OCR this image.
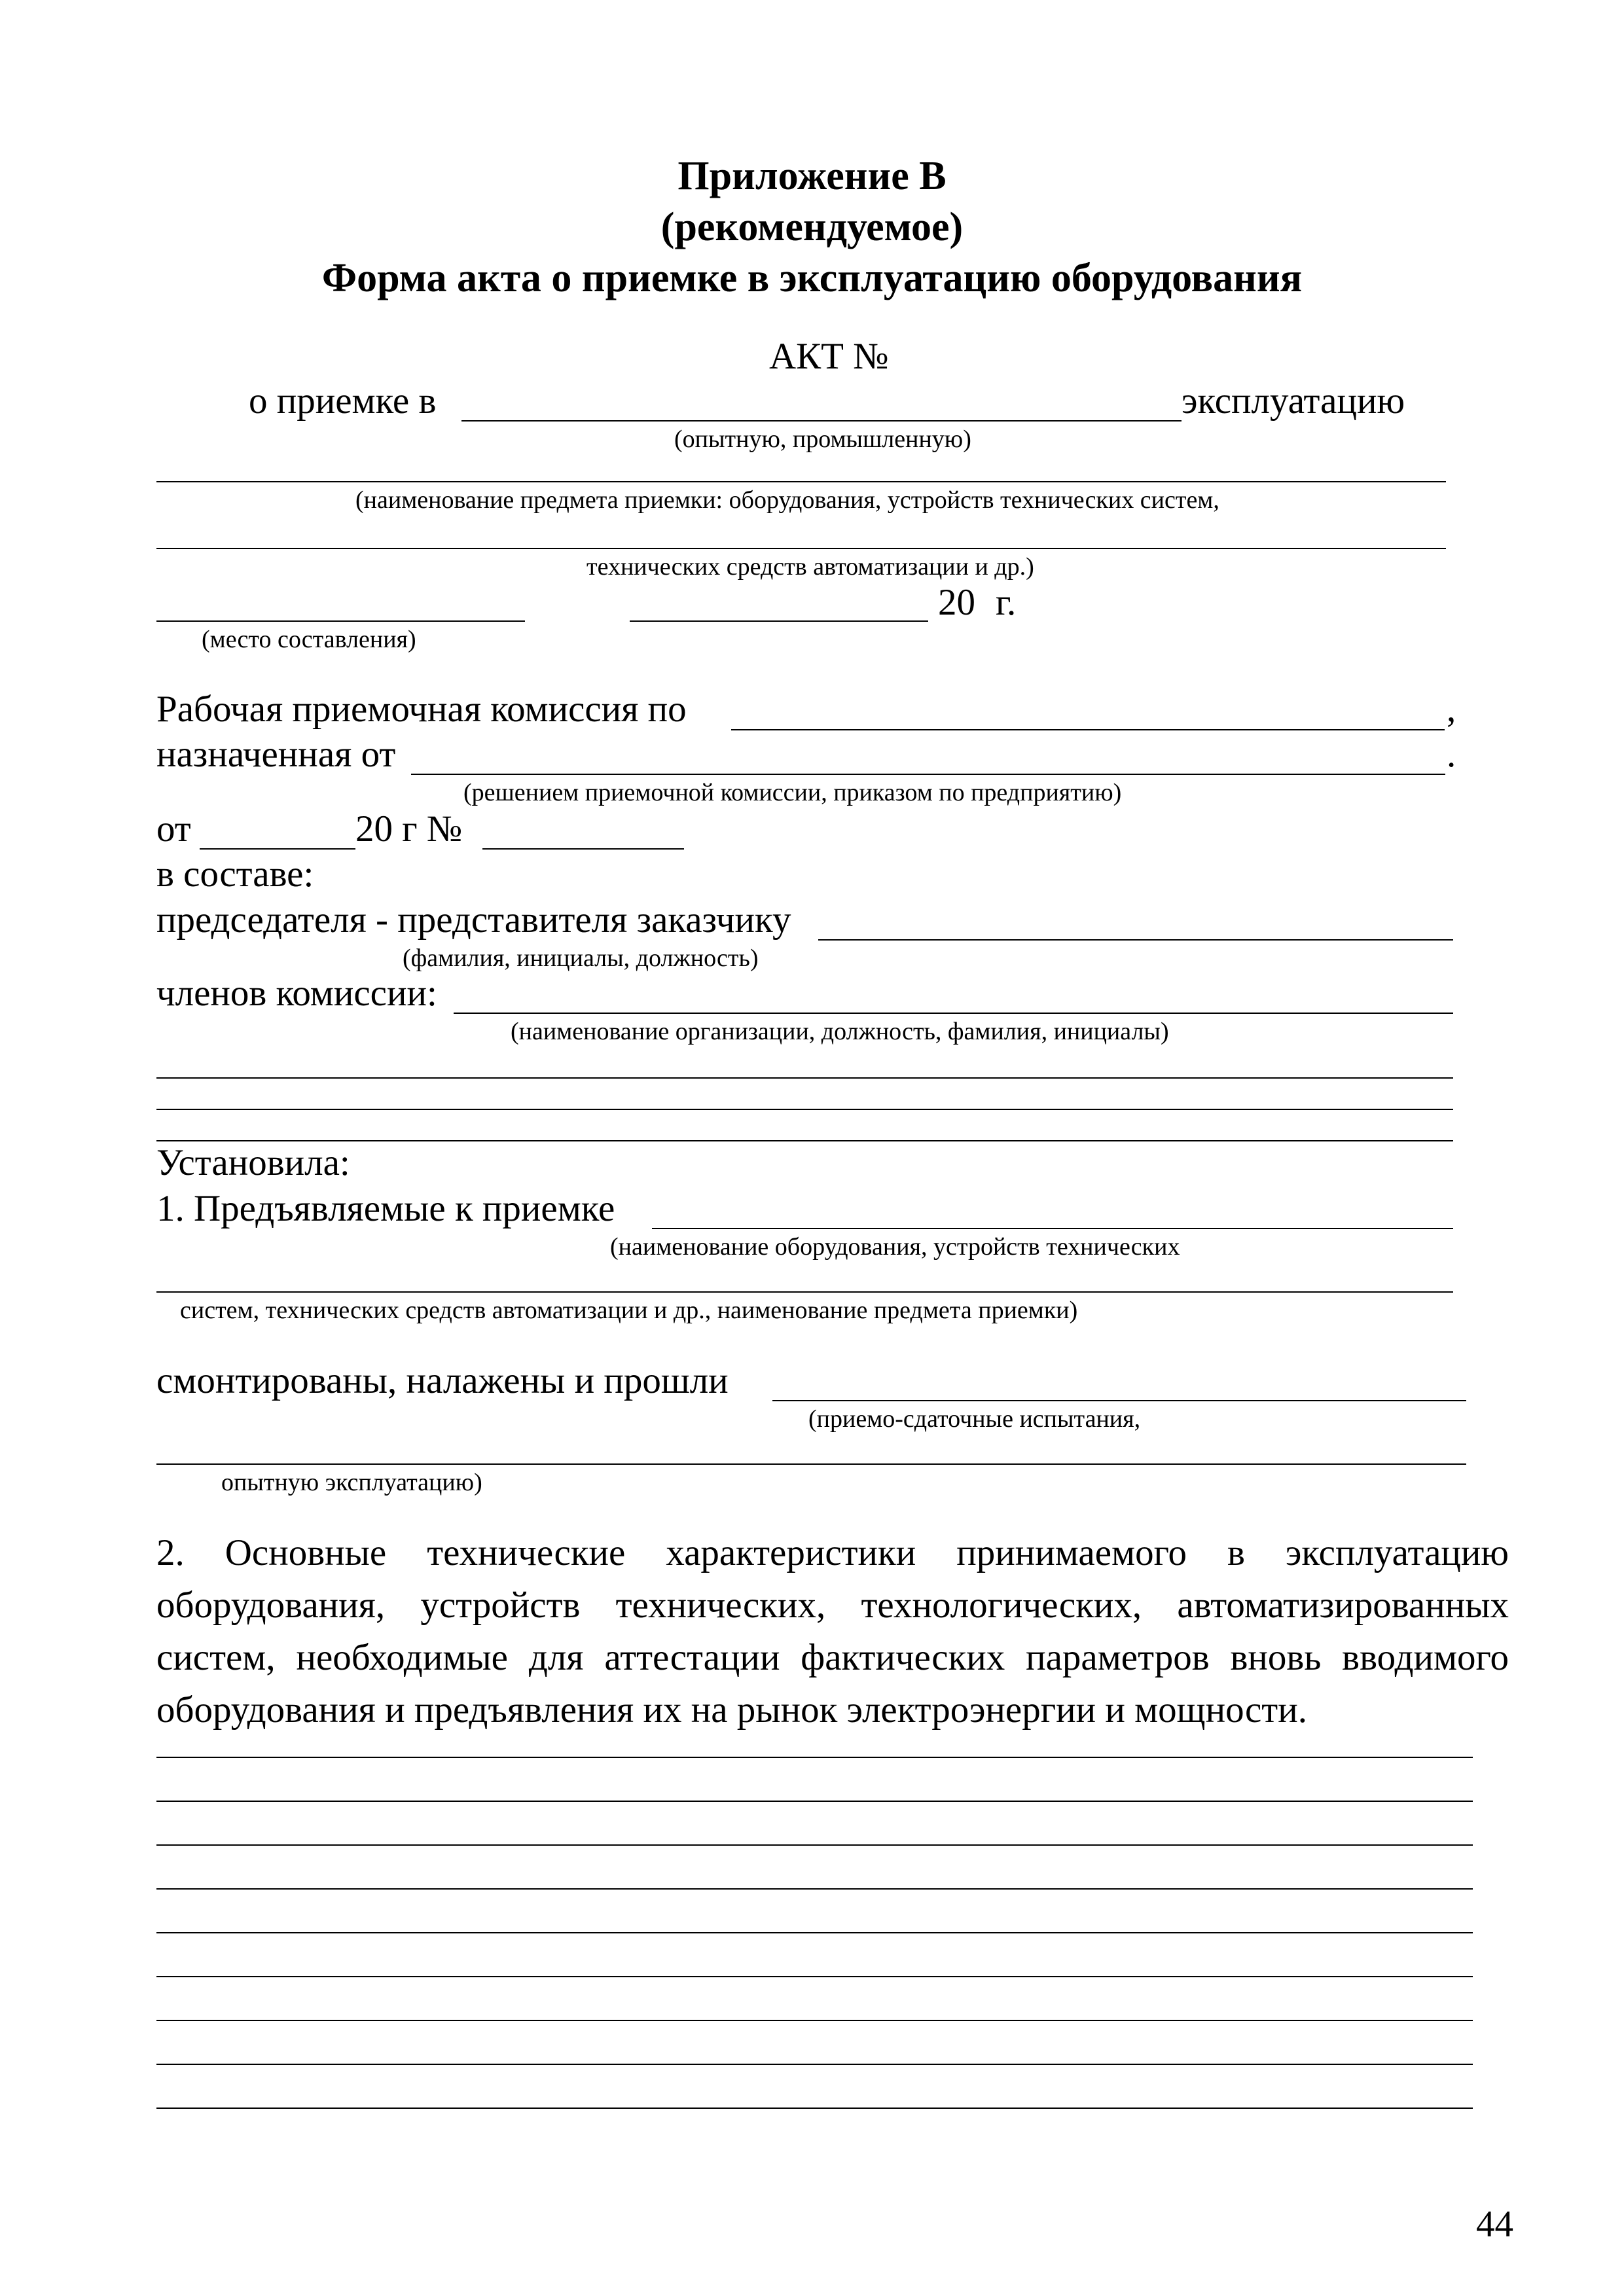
Приложение В
(рекомендуемое)
Форма акта о приемке в эксплуатацию оборудования
АКТ №
о приемке в	эксплуатацию
(опытную, промышленную)
(наименование предмета приемки: оборудования, устройств технических систем,
технических средств автоматизации и др.)
20 г.
(место составления)
Рабочая приемочная комиссия по	,
назначенная от	.
(решением приемочной комиссии, приказом по предприятию)
от	20 г №
в составе:
председателя - представителя заказчику
(фамилия, инициалы, должность)
членов комиссии:
(наименование организации, должность, фамилия, инициалы)
Установила:
1. Предъявляемые к приемке
(наименование оборудования, устройств технических
систем, технических средств автоматизации и др., наименование предмета приемки)
смонтированы, налажены и прошли
(приемо-сдаточные испытания,
опытную эксплуатацию)

2. Основные технические характеристики принимаемого в эксплуатацию оборудования, устройств технических, технологических, автоматизированных систем, необходимые для аттестации фактических параметров вновь вводимого оборудования и предъявления их на рынок электроэнергии и мощности.

44
